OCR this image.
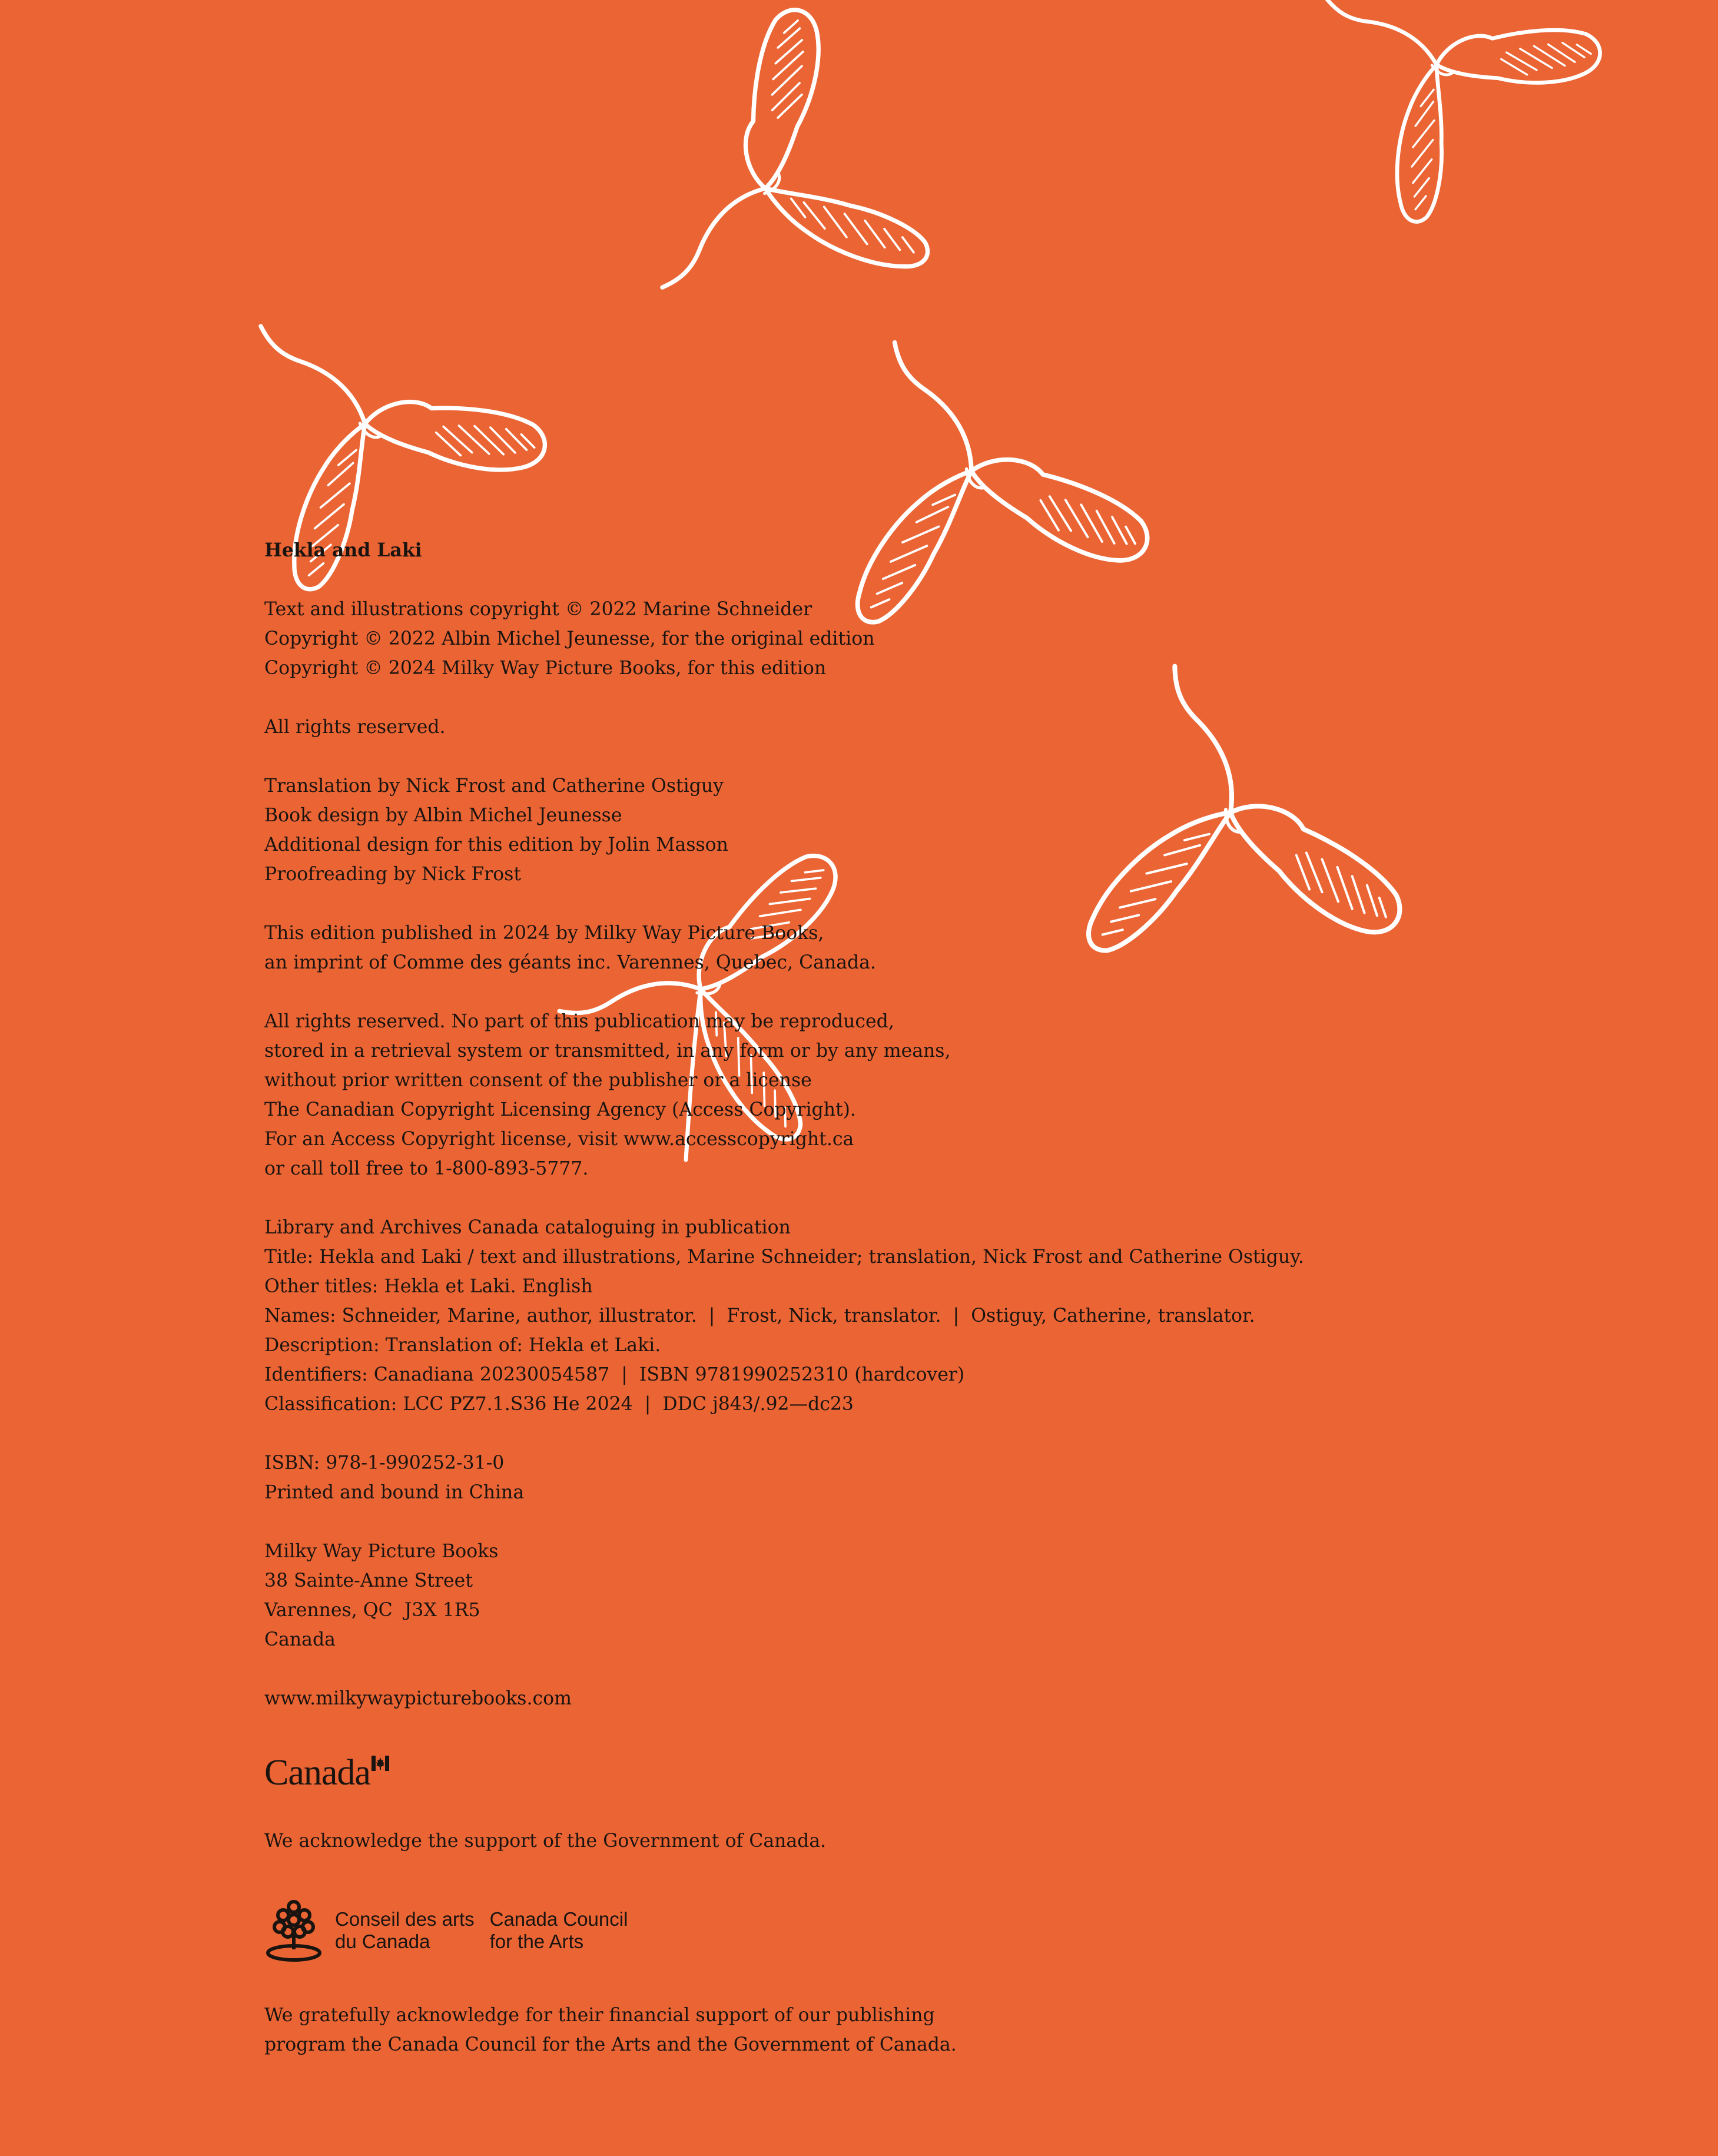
Hekla and Laki
Text and illustrations copyright © 2022 Marine Schneider
Copyright © 2022 Albin Michel Jeunesse, for the original edition
Copyright © 2024 Milky Way Picture Books, for this edition
All rights reserved.
Translation by Nick Frost and Catherine Ostiguy
Book design by Albin Michel Jeunesse
Additional design for this edition by Jolin Masson
Proofreading by Nick Frost
This edition published in 2024 by Milky Way Picture Books,
an imprint of Comme des géants inc. Varennes, Quebec, Canada.
All rights reserved. No part of this publication may be reproduced,
stored in a retrieval system or transmitted, in any form or by any means,
without prior written consent of the publisher or a license
The Canadian Copyright Licensing Agency (Access Copyright).
For an Access Copyright license, visit www.accesscopyright.ca
or call toll free to 1-800-893-5777.
Library and Archives Canada cataloguing in publication
Title: Hekla and Laki / text and illustrations, Marine Schneider; translation, Nick Frost and Catherine Ostiguy.
Other titles: Hekla et Laki. English
Names: Schneider, Marine, author, illustrator.  |  Frost, Nick, translator.  |  Ostiguy, Catherine, translator.
Description: Translation of: Hekla et Laki.
Identifiers: Canadiana 20230054587  |  ISBN 9781990252310 (hardcover)
Classification: LCC PZ7.1.S36 He 2024  |  DDC j843/.92—dc23
ISBN: 978-1-990252-31-0
Printed and bound in China
Milky Way Picture Books
38 Sainte-Anne Street
Varennes, QC  J3X 1R5
Canada
www.milkywaypicturebooks.com
Canada
We acknowledge the support of the Government of Canada.
Conseil des arts
du Canada
Canada Council
for the Arts
We gratefully acknowledge for their financial support of our publishing
program the Canada Council for the Arts and the Government of Canada.
